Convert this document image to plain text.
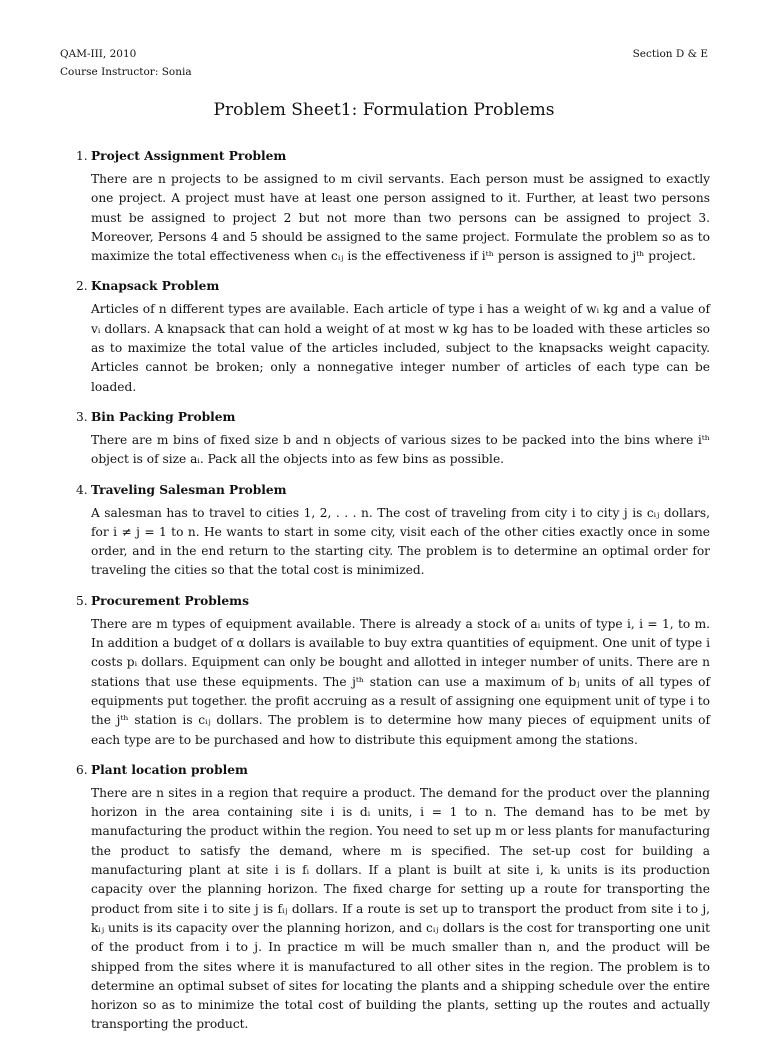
QAM-III, 2010
Course Instructor: Sonia
Section D & E
Problem Sheet1: Formulation Problems
1. Project Assignment Problem

There are n projects to be assigned to m civil servants. Each person must be assigned to exactly one project. A project must have at least one person assigned to it. Further, at least two persons must be assigned to project 2 but not more than two persons can be assigned to project 3. Moreover, Persons 4 and 5 should be assigned to the same project. Formulate the problem so as to maximize the total effectiveness when cᵢⱼ is the effectiveness if iᵗʰ person is assigned to jᵗʰ project.

2. Knapsack Problem

Articles of n different types are available. Each article of type i has a weight of wᵢ kg and a value of vᵢ dollars. A knapsack that can hold a weight of at most w kg has to be loaded with these articles so as to maximize the total value of the articles included, subject to the knapsacks weight capacity. Articles cannot be broken; only a nonnegative integer number of articles of each type can be loaded.

3. Bin Packing Problem

There are m bins of fixed size b and n objects of various sizes to be packed into the bins where iᵗʰ object is of size aᵢ. Pack all the objects into as few bins as possible.

4. Traveling Salesman Problem

A salesman has to travel to cities 1, 2, . . . n. The cost of traveling from city i to city j is cᵢⱼ dollars, for i ≠ j = 1 to n. He wants to start in some city, visit each of the other cities exactly once in some order, and in the end return to the starting city. The problem is to determine an optimal order for traveling the cities so that the total cost is minimized.

5. Procurement Problems

There are m types of equipment available. There is already a stock of aᵢ units of type i, i = 1, to m. In addition a budget of α dollars is available to buy extra quantities of equipment. One unit of type i costs pᵢ dollars. Equipment can only be bought and allotted in integer number of units. There are n stations that use these equipments. The jᵗʰ station can use a maximum of bⱼ units of all types of equipments put together. the profit accruing as a result of assigning one equipment unit of type i to the jᵗʰ station is cᵢⱼ dollars. The problem is to determine how many pieces of equipment units of each type are to be purchased and how to distribute this equipment among the stations.

6. Plant location problem

There are n sites in a region that require a product. The demand for the product over the planning horizon in the area containing site i is dᵢ units, i = 1 to n. The demand has to be met by manufacturing the product within the region. You need to set up m or less plants for manufacturing the product to satisfy the demand, where m is specified. The set-up cost for building a manufacturing plant at site i is fᵢ dollars. If a plant is built at site i, kᵢ units is its production capacity over the planning horizon. The fixed charge for setting up a route for transporting the product from site i to site j is fᵢⱼ dollars. If a route is set up to transport the product from site i to j, kᵢⱼ units is its capacity over the planning horizon, and cᵢⱼ dollars is the cost for transporting one unit of the product from i to j. In practice m will be much smaller than n, and the product will be shipped from the sites where it is manufactured to all other sites in the region. The problem is to determine an optimal subset of sites for locating the plants and a shipping schedule over the entire horizon so as to minimize the total cost of building the plants, setting up the routes and actually transporting the product.
